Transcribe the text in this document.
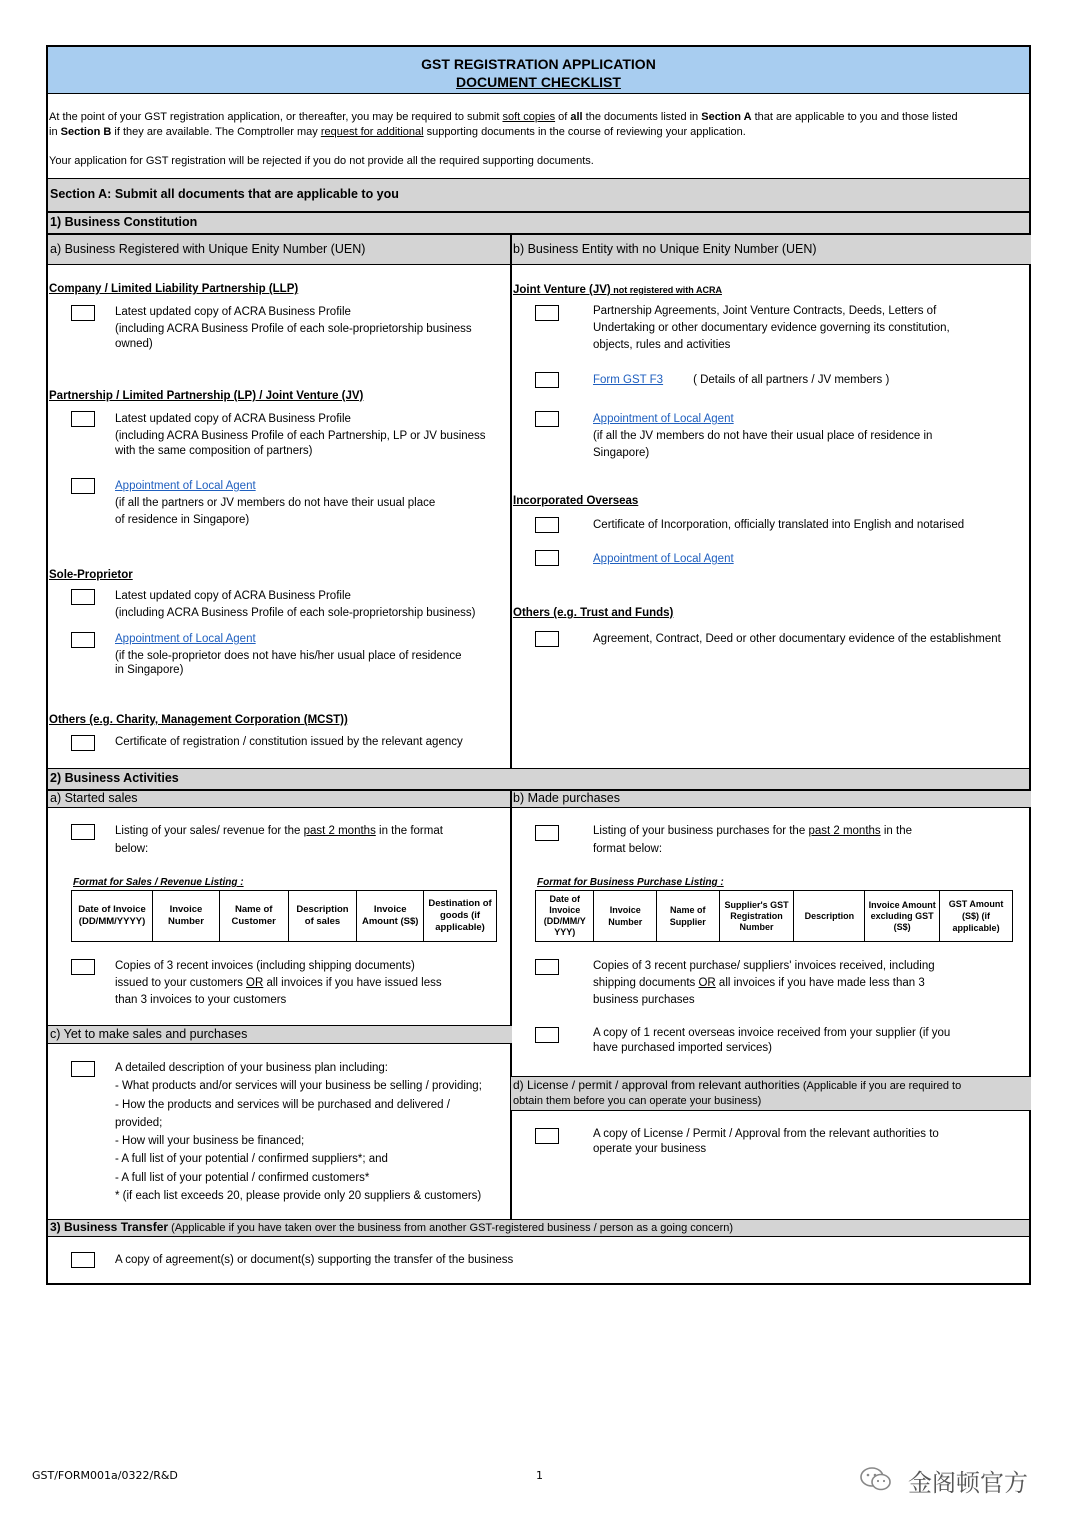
GST REGISTRATION APPLICATION
DOCUMENT CHECKLIST
At the point of your GST registration application, or thereafter, you may be required to submit soft copies of all the documents listed in Section A that are applicable to you and those listed
in Section B if they are available. The Comptroller may request for additional supporting documents in the course of reviewing your application.
Your application for GST registration will be rejected if you do not provide all the required supporting documents.
Section A: Submit all documents that are applicable to you
1) Business Constitution
a) Business Registered with Unique Enity Number (UEN)	b) Business Entity with no Unique Enity Number (UEN)
Company / Limited Liability Partnership (LLP)
Latest updated copy of ACRA Business Profile
(including ACRA Business Profile of each sole-proprietorship business
owned)
Partnership / Limited Partnership (LP) / Joint Venture (JV)
Latest updated copy of ACRA Business Profile
(including ACRA Business Profile of each Partnership, LP or JV business
with the same composition of partners)
Appointment of Local Agent
(if all the partners or JV members do not have their usual place
of residence in Singapore)
Sole-Proprietor
Latest updated copy of ACRA Business Profile
(including ACRA Business Profile of each sole-proprietorship business)
Appointment of Local Agent
(if the sole-proprietor does not have his/her usual place of residence
in Singapore)
Others (e.g. Charity, Management Corporation (MCST))
Certificate of registration / constitution issued by the relevant agency
Joint Venture (JV) not registered with ACRA
Partnership Agreements, Joint Venture Contracts, Deeds, Letters of
Undertaking or other documentary evidence governing its constitution,
objects, rules and activities
Form GST F3	( Details of all partners / JV members )
Appointment of Local Agent
(if all the JV members do not have their usual place of residence in
Singapore)
Incorporated Overseas
Certificate of Incorporation, officially translated into English and notarised
Appointment of Local Agent
Others (e.g. Trust and Funds)
Agreement, Contract, Deed or other documentary evidence of the establishment
2) Business Activities
a) Started sales	b) Made purchases
Listing of your sales/ revenue for the past 2 months in the format
below:
Format for Sales / Revenue Listing :
Date of Invoice (DD/MM/YYYY)	Invoice Number	Name of Customer	Description of sales	Invoice Amount (S$)	Destination of goods (if applicable)
Copies of 3 recent invoices (including shipping documents)
issued to your customers OR all invoices if you have issued less
than 3 invoices to your customers
c) Yet to make sales and purchases
A detailed description of your business plan including:
- What products and/or services will your business be selling / providing;
- How the products and services will be purchased and delivered /
provided;
- How will your business be financed;
- A full list of your potential / confirmed suppliers*; and
- A full list of your potential / confirmed customers*
* (if each list exceeds 20, please provide only 20 suppliers & customers)
Listing of your business purchases for the past 2 months in the
format below:
Format for Business Purchase Listing :
Date of Invoice (DD/MM/Y YYY)	Invoice Number	Name of Supplier	Supplier's GST Registration Number	Description	Invoice Amount excluding GST (S$)	GST Amount (S$) (if applicable)
Copies of 3 recent purchase/ suppliers' invoices received, including
shipping documents OR all invoices if you have made less than 3
business purchases
A copy of 1 recent overseas invoice received from your supplier (if you
have purchased imported services)
d) License / permit / approval from relevant authorities (Applicable if you are required to
obtain them before you can operate your business)
A copy of License / Permit / Approval from the relevant authorities to
operate your business
3) Business Transfer (Applicable if you have taken over the business from another GST-registered business / person as a going concern)
A copy of agreement(s) or document(s) supporting the transfer of the business
GST/FORM001a/0322/R&D	1	金阁顿官方
